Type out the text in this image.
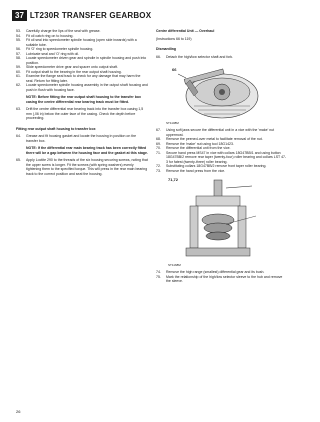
37 LT230R TRANSFER GEARBOX
53.	Carefully charge the lips of the seal with grease.
54.	Fit oil catch ring on to housing.
55.	Fit oil seal into speedometer spindle housing (open side inwards) with a suitable tube.
56.	Fit 'O' ring to speedometer spindle housing.
57.	Lubricate seal and 'O' ring with oil.
58.	Locate speedometer driven gear and spindle in spindle housing and push into position.
59.	Slide speedometer drive gear and spacer onto output shaft.
60.	Fit output shaft to the bearing in the rear output shaft housing.
61.	Examine the flange seal track to check for any damage that may harm the seal. Return for fitting later.
62.	Locate speedometer spindle housing assembly in the output shaft housing and push in flush with housing face.
NOTE: Before fitting the rear output shaft housing to the transfer box casing the centre differential rear bearing track must be fitted.
63.	Drift the centre differential rear bearing track into the transfer box casing 1,5 mm (,06 in) below the outer face of the casing. Check the depth before proceeding.
Fitting rear output shaft housing to transfer box
64.	Grease and fit housing gasket and locate the housing in position on the transfer box.
NOTE: If the differential rear main bearing track has been correctly fitted there will be a gap between the housing face and the gasket at this stage.
65.	Apply Loctite 290 to the threads of the six housing securing screws, noting that the upper screw is longer. Fit the screws (with spring washers) evenly tightening them to the specified torque. This will press in the rear main bearing track to the correct position and seat the housing.
Centre differential Unit — Overhaul
(Instructions 66 to 119)
Dismantling
66.	Detach the high/low selector shaft and fork.
66
ST1108M
67.	Using soft jaws secure the differential unit in a vice with the 'make' nut uppermost.
68.	Remove the peened-over metal to facilitate removal of the nut.
69.	Remove the 'make' nut using tool 18G1423.
70.	Remove the differential unit from the vice.
71.	Secure hand press MS47 in vice with collars 18G47BB/1 and using button 18G47BB/2 remove rear taper (twenty-four) roller bearing and collars LST 47-3 for fatest (twenty-three) roller bearing.
72.	Substituting collars 18G47BB/2 remove front taper roller bearing.
73.	Remove the hand press from the vice.
71,72
ST1168M
74.	Remove the high range (smallest) differential gear and its bush.
75.	Mark the relationship of the high/low selector sleeve to the hub and remove the sleeve.
26
